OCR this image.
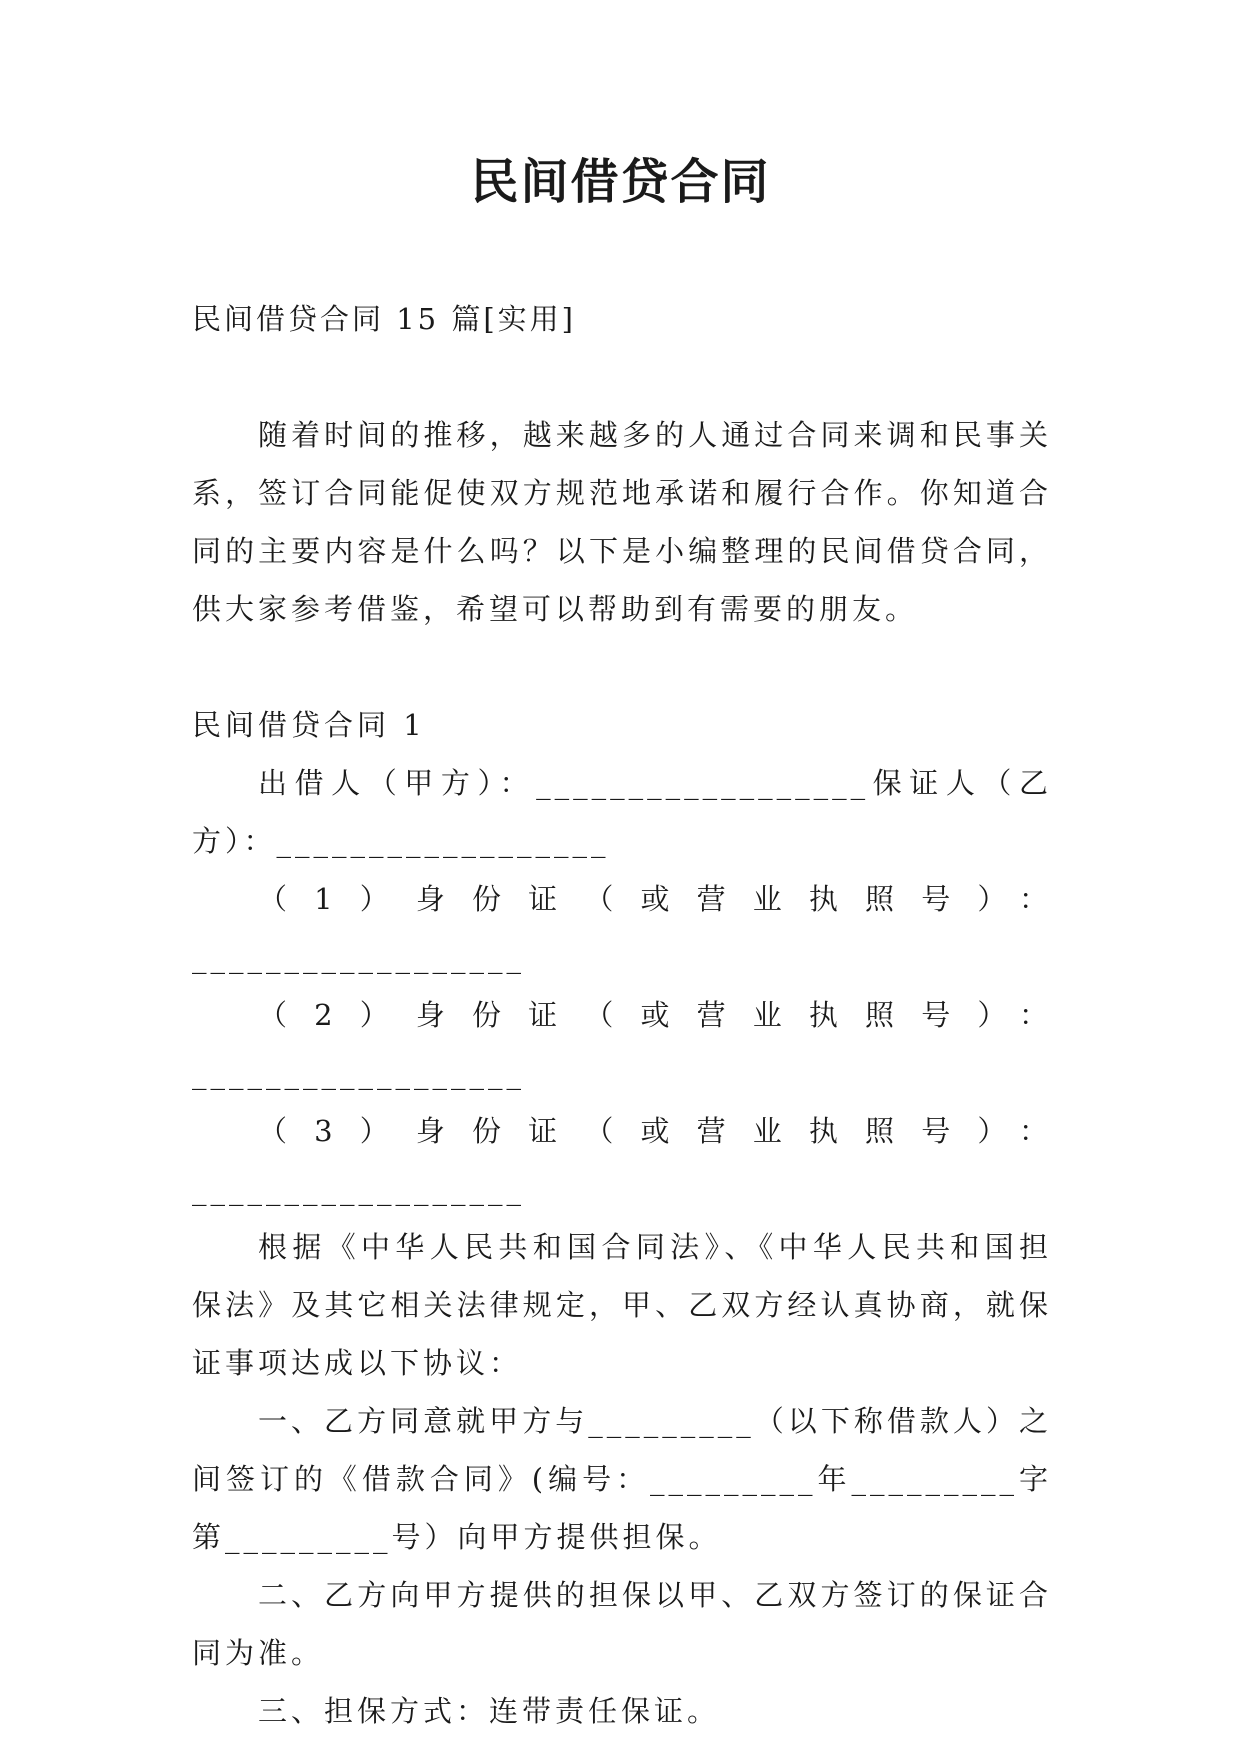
民间借贷合同

民间借贷合同 15 篇[实用]

随着时间的推移，越来越多的人通过合同来调和民事关系，签订合同能促使双方规范地承诺和履行合作。你知道合同的主要内容是什么吗？以下是小编整理的民间借贷合同，供大家参考借鉴，希望可以帮助到有需要的朋友。

民间借贷合同 1

出借人（甲方）：__________________保证人（乙方）：__________________

（1）身份证（或营业执照号）：__________________

（2）身份证（或营业执照号）：__________________

（3）身份证（或营业执照号）：__________________

根据《中华人民共和国合同法》、《中华人民共和国担保法》及其它相关法律规定，甲、乙双方经认真协商，就保证事项达成以下协议：

一、乙方同意就甲方与_________（以下称借款人）之间签订的《借款合同》(编号：_________年_________字第_________号）向甲方提供担保。

二、乙方向甲方提供的担保以甲、乙双方签订的保证合同为准。

三、担保方式：连带责任保证。
